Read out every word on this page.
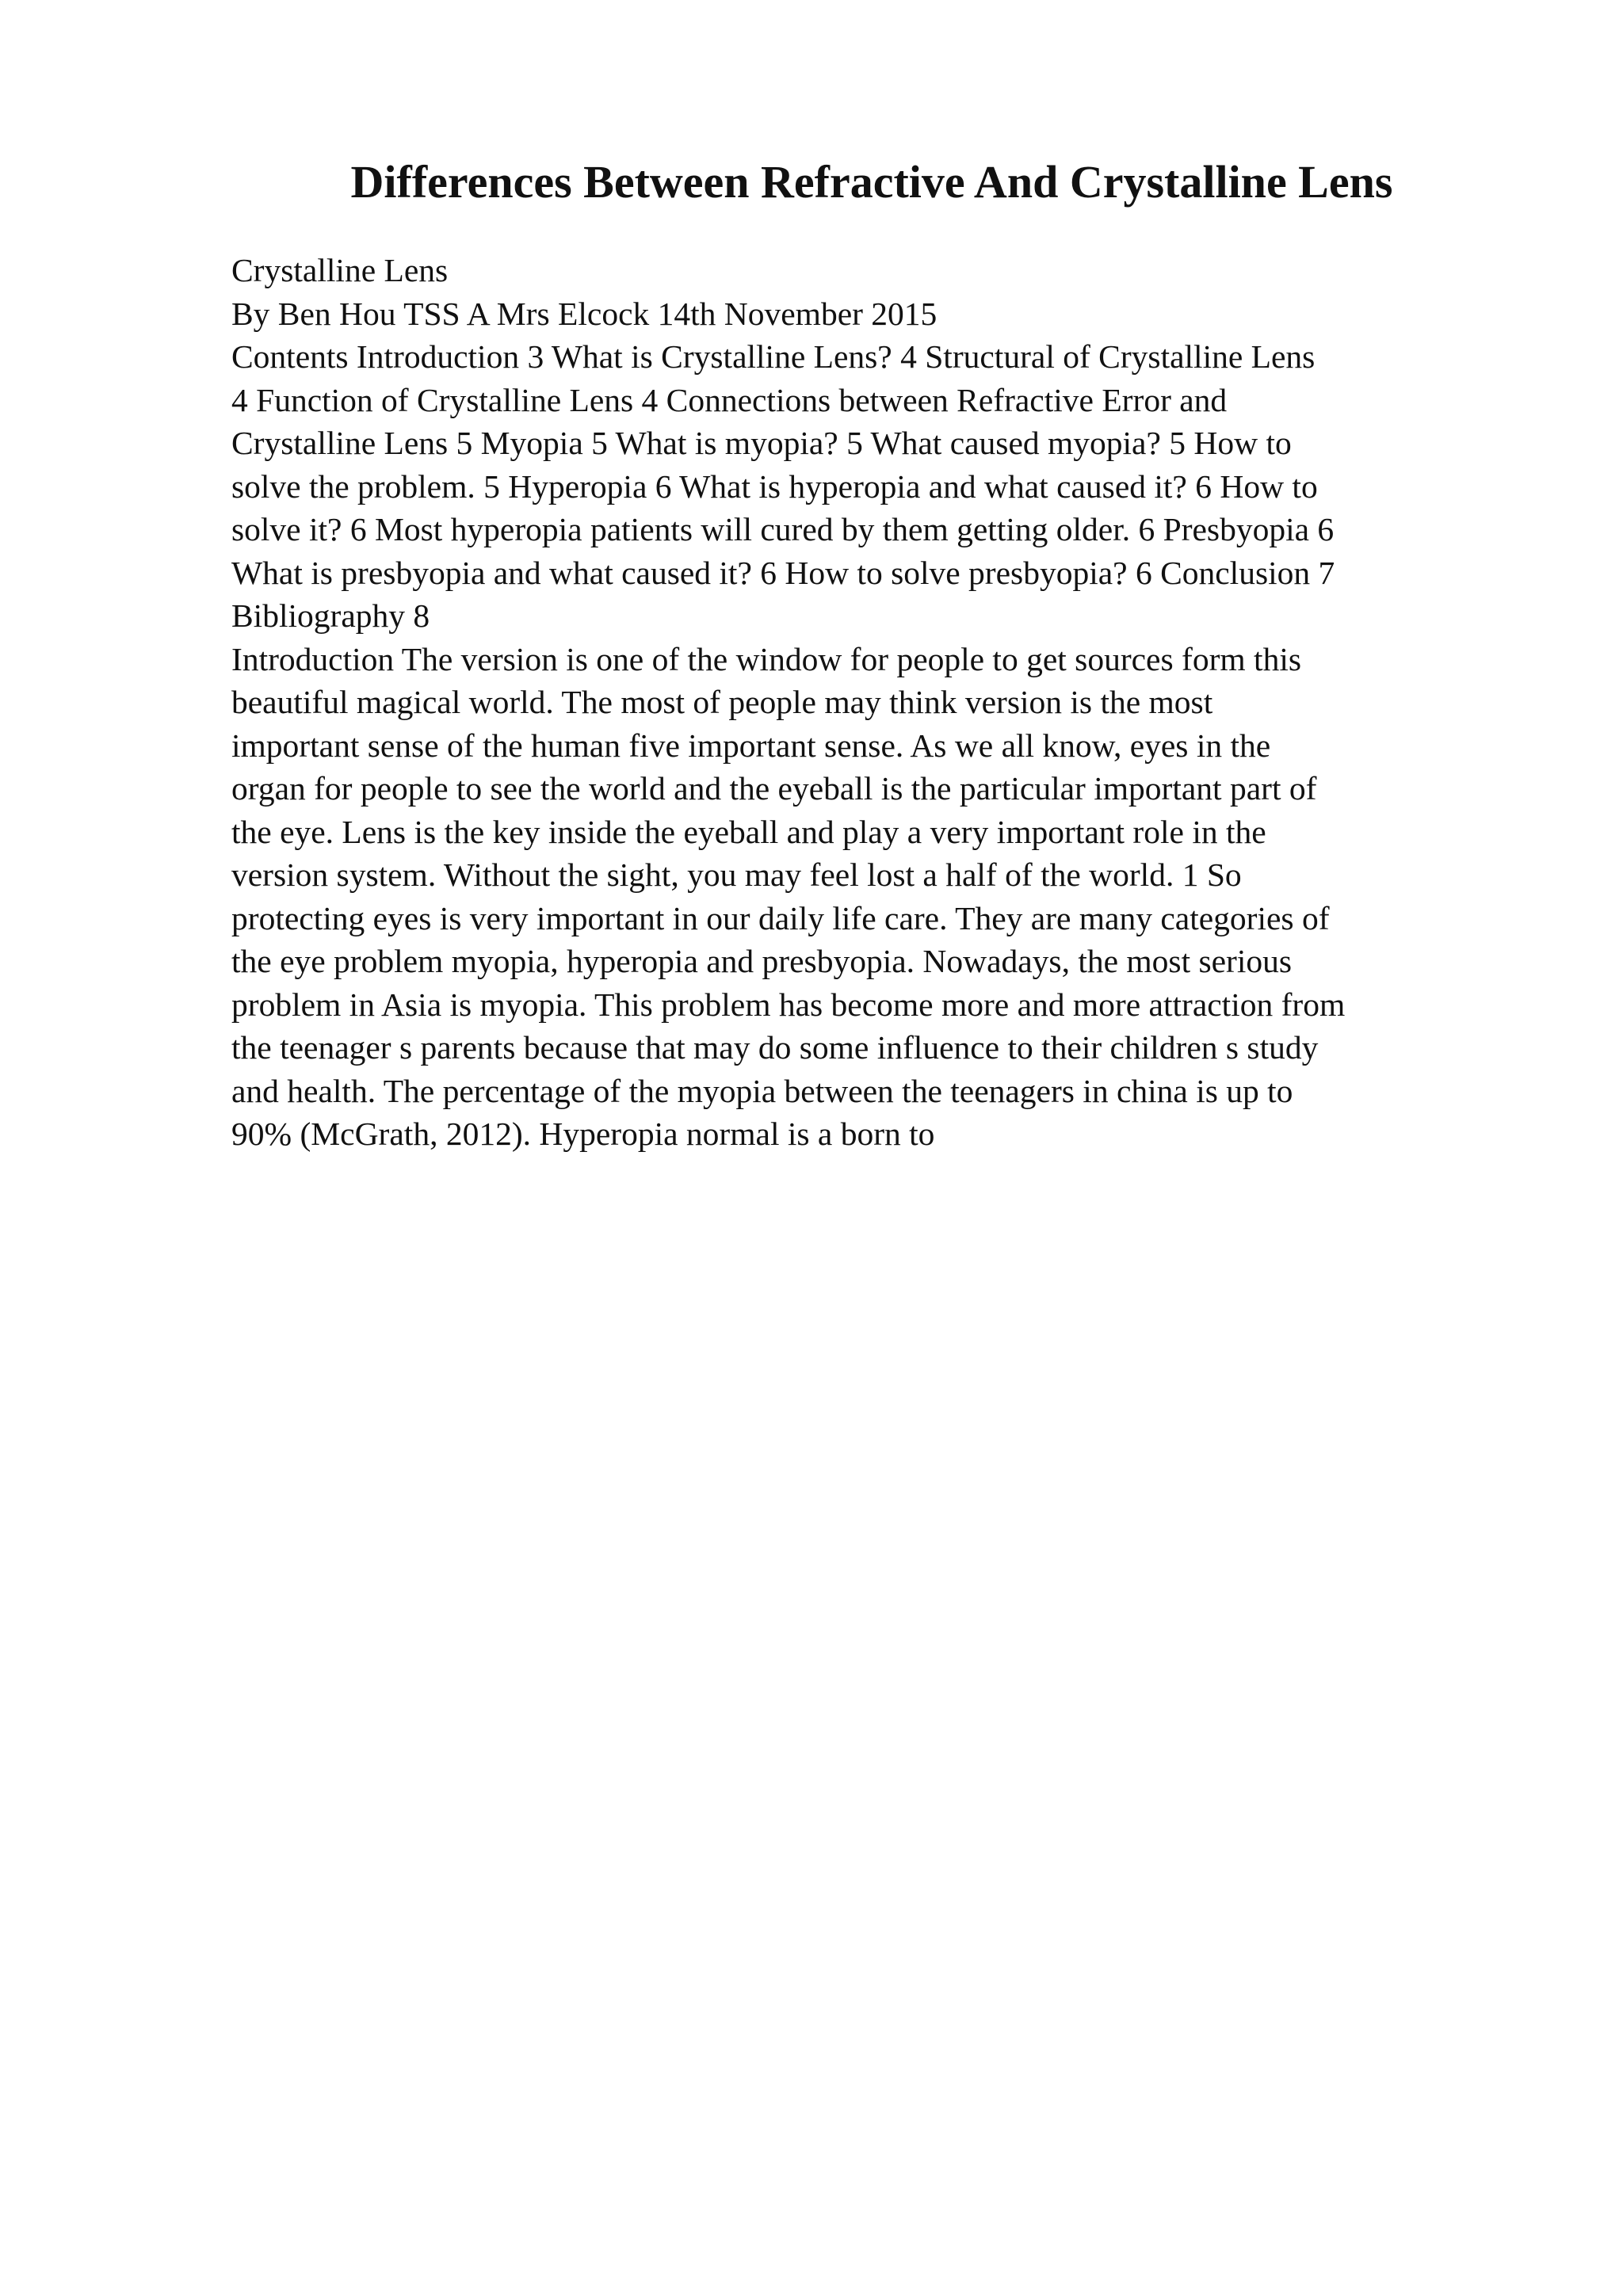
Differences Between Refractive And Crystalline Lens

Crystalline Lens

By Ben Hou TSS A Mrs Elcock 14th November 2015

Contents Introduction 3 What is Crystalline Lens? 4 Structural of Crystalline Lens

4 Function of Crystalline Lens 4 Connections between Refractive Error and

Crystalline Lens 5 Myopia 5 What is myopia? 5 What caused myopia? 5 How to

solve the problem. 5 Hyperopia 6 What is hyperopia and what caused it? 6 How to

solve it? 6 Most hyperopia patients will cured by them getting older. 6 Presbyopia 6

What is presbyopia and what caused it? 6 How to solve presbyopia? 6 Conclusion 7

Bibliography 8

Introduction The version is one of the window for people to get sources form this

beautiful magical world. The most of people may think version is the most

important sense of the human five important sense. As we all know, eyes in the

organ for people to see the world and the eyeball is the particular important part of

the eye. Lens is the key inside the eyeball and play a very important role in the

version system. Without the sight, you may feel lost a half of the world. 1 So

protecting eyes is very important in our daily life care. They are many categories of

the eye problem myopia, hyperopia and presbyopia. Nowadays, the most serious

problem in Asia is myopia. This problem has become more and more attraction from

the teenager s parents because that may do some influence to their children s study

and health. The percentage of the myopia between the teenagers in china is up to

90% (McGrath, 2012). Hyperopia normal is a born to
